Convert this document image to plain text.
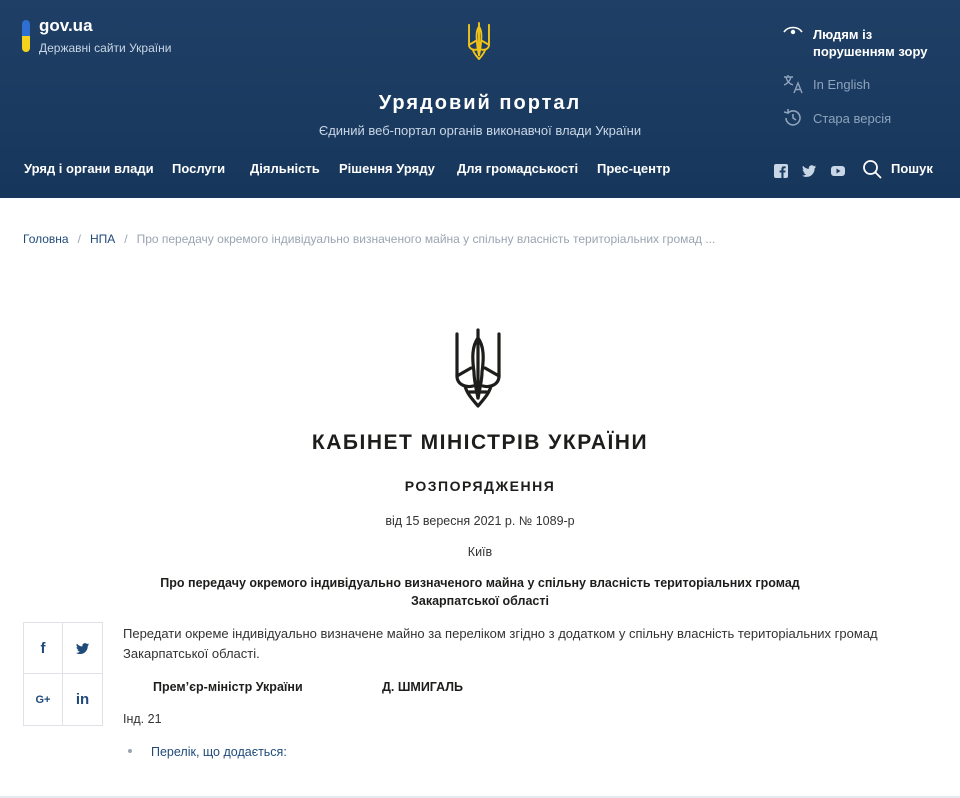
gov.ua
Державні сайти України
Урядовий портал
Єдиний веб-портал органів виконавчої влади України
Людям із
порушенням зору
In English
Стара версія
Уряд і органи влади Послуги Діяльність Рішення Уряду Для громадськості Прес-центр	Пошук
Головна / НПА / Про передачу окремого індивідуально визначеного майна у спільну власність територіальних громад ...
КАБІНЕТ МІНІСТРІВ УКРАЇНИ
РОЗПОРЯДЖЕННЯ
від 15 вересня 2021 р. № 1089-р
Київ
Про передачу окремого індивідуально визначеного майна у спільну власність територіальних громад
Закарпатської області
f
G+ in
Передати окреме індивідуально визначене майно за переліком згідно з додатком у спільну власність територіальних громад Закарпатської області.
Прем’єр-міністр України	Д. ШМИГАЛЬ
Інд. 21
Перелік, що додається:
